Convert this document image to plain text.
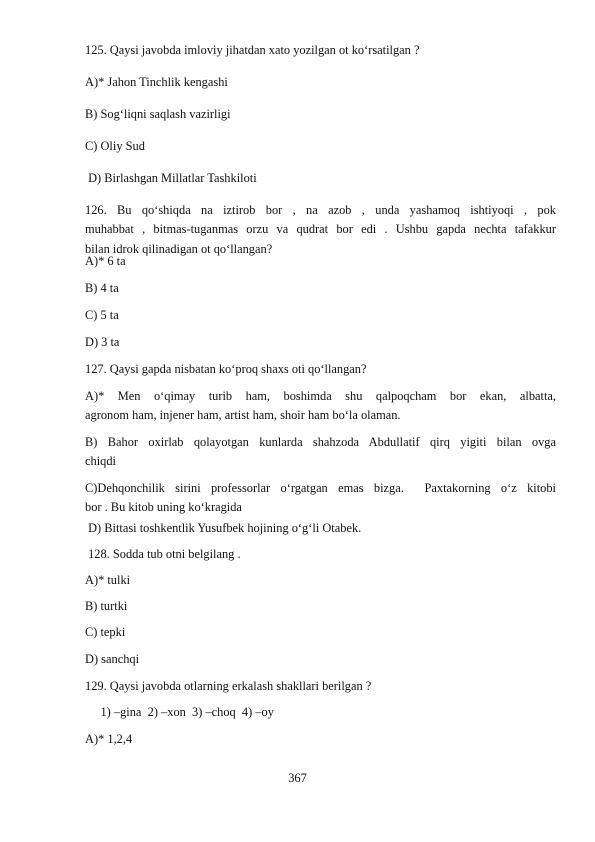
125. Qaysi javobda imloviy jihatdan xato yozilgan ot ko‘rsatilgan ?
A)* Jahon Tinchlik kengashi
B) Sog‘liqni saqlash vazirligi
C) Oliy Sud
D) Birlashgan Millatlar Tashkiloti
126.  Bu  qo‘shiqda  na  iztirob  bor  ,  na  azob  ,  unda  yashamoq  ishtiyoqi  ,  pok
muhabbat , bitmas-tuganmas orzu va qudrat bor edi . Ushbu gapda nechta tafakkur
bilan idrok qilinadigan ot qo‘llangan?
A)* 6 ta
B) 4 ta
C) 5 ta
D) 3 ta
127. Qaysi gapda nisbatan ko‘proq shaxs oti qo‘llangan?
A)*  Men  o‘qimay  turib  ham,  boshimda  shu  qalpoqcham  bor  ekan,  albatta,
agronom ham, injener ham, artist ham, shoir ham bo‘la olaman.
B) Bahor oxirlab qolayotgan kunlarda shahzoda Abdullatif qirq yigiti bilan ovga
chiqdi
C)Dehqonchilik sirini professorlar o‘rgatgan emas bizga.  Paxtakorning o‘z kitobi
bor . Bu kitob uning ko‘kragida
D) Bittasi toshkentlik Yusufbek hojining o‘g‘li Otabek.
128. Sodda tub otni belgilang .
A)* tulki
B) turtki
C) tepki
D) sanchqi
129. Qaysi javobda otlarning erkalash shakllari berilgan ?
1) –gina  2) –xon  3) –choq  4) –oy
A)* 1,2,4
367
